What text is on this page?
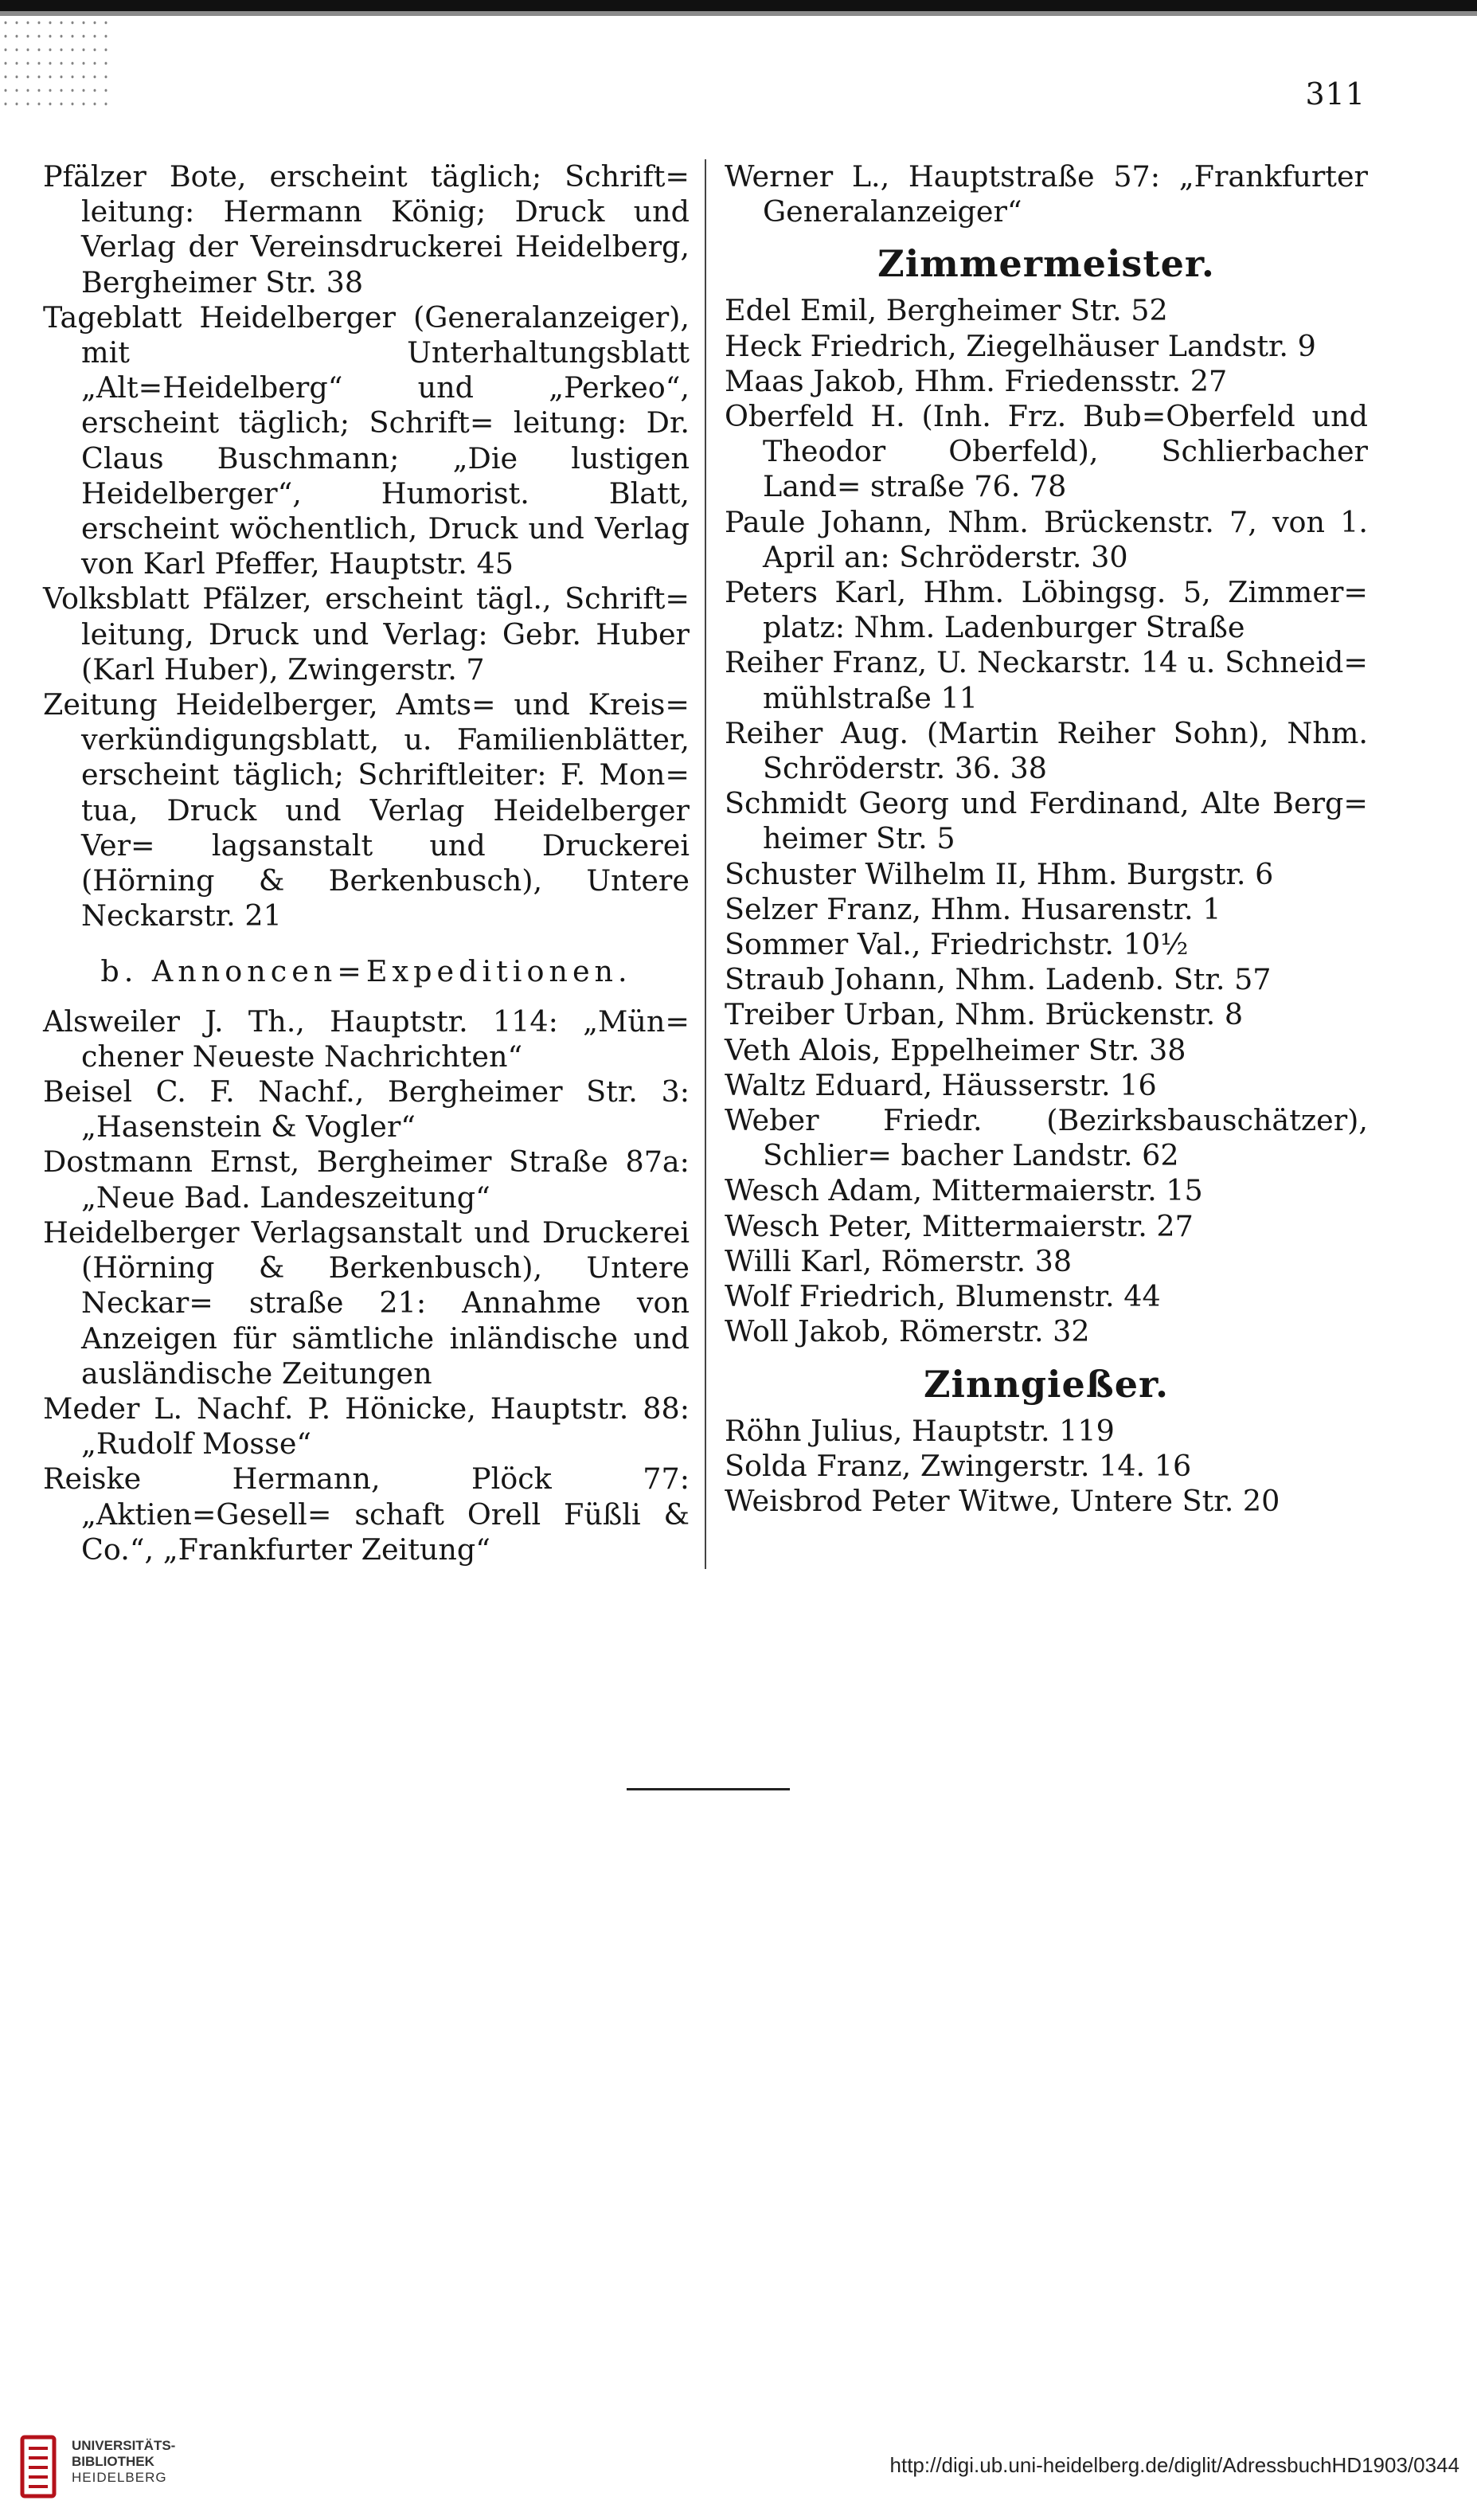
311

Pfälzer Bote, erscheint täglich; Schrift= leitung: Hermann König; Druck und Verlag der Vereinsdruckerei Heidelberg, Bergheimer Str. 38

Tageblatt Heidelberger (Generalanzeiger), mit Unterhaltungsblatt „Alt=Heidelberg“ und „Perkeo“, erscheint täglich; Schrift= leitung: Dr. Claus Buschmann; „Die lustigen Heidelberger“, Humorist. Blatt, erscheint wöchentlich, Druck und Verlag von Karl Pfeffer, Hauptstr. 45

Volksblatt Pfälzer, erscheint tägl., Schrift= leitung, Druck und Verlag: Gebr. Huber (Karl Huber), Zwingerstr. 7

Zeitung Heidelberger, Amts= und Kreis= verkündigungsblatt, u. Familienblätter, erscheint täglich; Schriftleiter: F. Mon= tua, Druck und Verlag Heidelberger Ver= lagsanstalt und Druckerei (Hörning & Berkenbusch), Untere Neckarstr. 21

b. Annoncen=Expeditionen.

Alsweiler J. Th., Hauptstr. 114: „Mün= chener Neueste Nachrichten“

Beisel C. F. Nachf., Bergheimer Str. 3: „Hasenstein & Vogler“

Dostmann Ernst, Bergheimer Straße 87a: „Neue Bad. Landeszeitung“

Heidelberger Verlagsanstalt und Druckerei (Hörning & Berkenbusch), Untere Neckar= straße 21: Annahme von Anzeigen für sämtliche inländische und ausländische Zeitungen

Meder L. Nachf. P. Hönicke, Hauptstr. 88: „Rudolf Mosse“

Reiske Hermann, Plöck 77: „Aktien=Gesell= schaft Orell Füßli & Co.“, „Frankfurter Zeitung“

Werner L., Hauptstraße 57: „Frankfurter Generalanzeiger“

Zimmermeister.

Edel Emil, Bergheimer Str. 52

Heck Friedrich, Ziegelhäuser Landstr. 9

Maas Jakob, Hhm. Friedensstr. 27

Oberfeld H. (Inh. Frz. Bub=Oberfeld und Theodor Oberfeld), Schlierbacher Land= straße 76. 78

Paule Johann, Nhm. Brückenstr. 7, von 1. April an: Schröderstr. 30

Peters Karl, Hhm. Löbingsg. 5, Zimmer= platz: Nhm. Ladenburger Straße

Reiher Franz, U. Neckarstr. 14 u. Schneid= mühlstraße 11

Reiher Aug. (Martin Reiher Sohn), Nhm. Schröderstr. 36. 38

Schmidt Georg und Ferdinand, Alte Berg= heimer Str. 5

Schuster Wilhelm II, Hhm. Burgstr. 6

Selzer Franz, Hhm. Husarenstr. 1

Sommer Val., Friedrichstr. 10½

Straub Johann, Nhm. Ladenb. Str. 57

Treiber Urban, Nhm. Brückenstr. 8

Veth Alois, Eppelheimer Str. 38

Waltz Eduard, Häusserstr. 16

Weber Friedr. (Bezirksbauschätzer), Schlier= bacher Landstr. 62

Wesch Adam, Mittermaierstr. 15

Wesch Peter, Mittermaierstr. 27

Willi Karl, Römerstr. 38

Wolf Friedrich, Blumenstr. 44

Woll Jakob, Römerstr. 32

Zinngießer.

Röhn Julius, Hauptstr. 119

Solda Franz, Zwingerstr. 14. 16

Weisbrod Peter Witwe, Untere Str. 20

UNIVERSITÄTS-
BIBLIOTHEK
HEIDELBERG
http://digi.ub.uni-heidelberg.de/diglit/AdressbuchHD1903/0344
